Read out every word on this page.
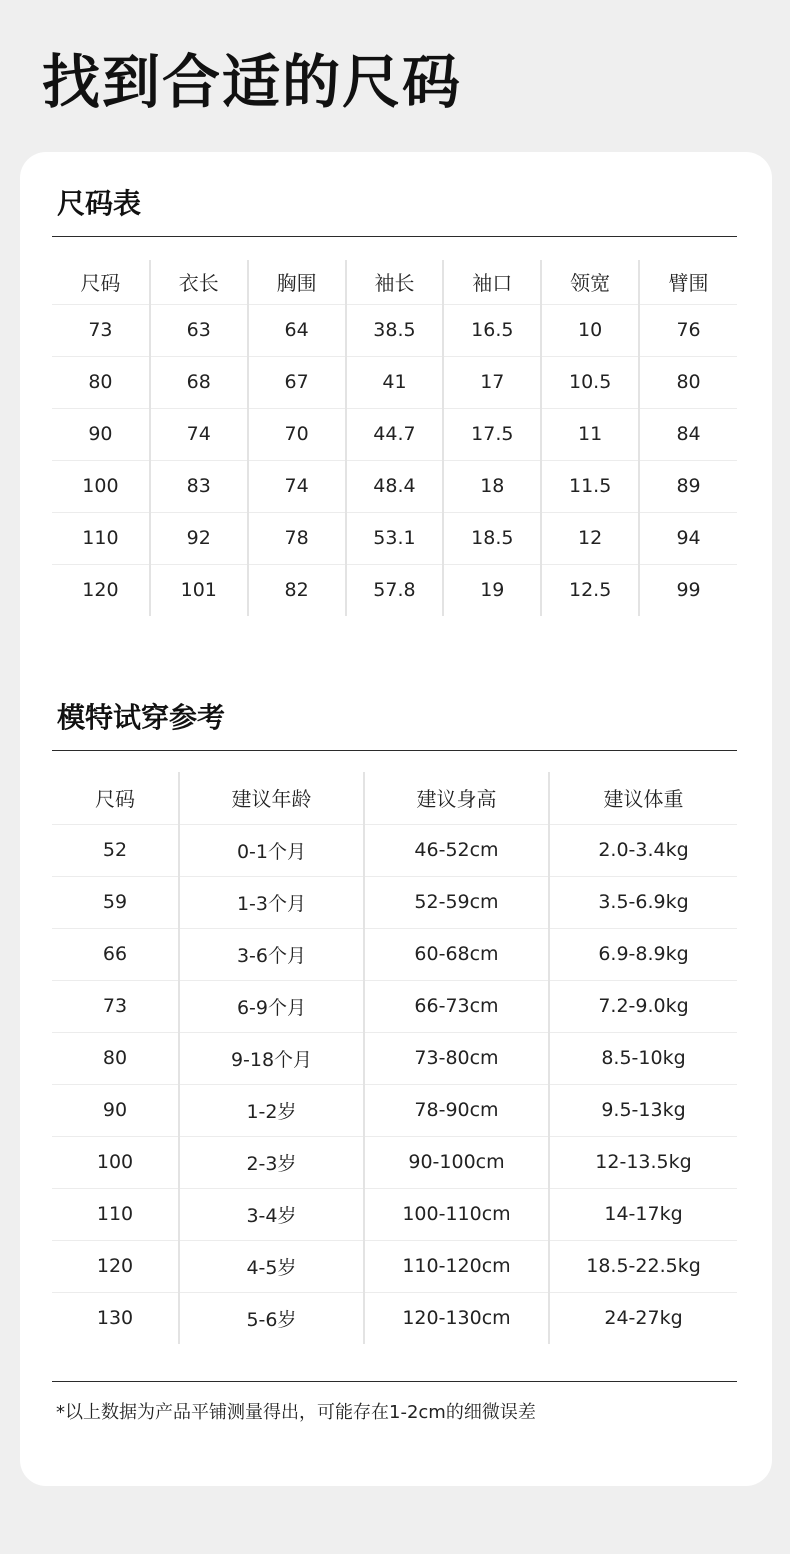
找到合适的尺码
尺码表
尺码	衣长	胸围	袖长	袖口	领宽	臂围
73	63	64	38.5	16.5	10	76
80	68	67	41	17	10.5	80
90	74	70	44.7	17.5	11	84
100	83	74	48.4	18	11.5	89
110	92	78	53.1	18.5	12	94
120	101	82	57.8	19	12.5	99
模特试穿参考
尺码	建议年龄	建议身高	建议体重
52	0-1个月	46-52cm	2.0-3.4kg
59	1-3个月	52-59cm	3.5-6.9kg
66	3-6个月	60-68cm	6.9-8.9kg
73	6-9个月	66-73cm	7.2-9.0kg
80	9-18个月	73-80cm	8.5-10kg
90	1-2岁	78-90cm	9.5-13kg
100	2-3岁	90-100cm	12-13.5kg
110	3-4岁	100-110cm	14-17kg
120	4-5岁	110-120cm	18.5-22.5kg
130	5-6岁	120-130cm	24-27kg
*以上数据为产品平铺测量得出，可能存在1-2cm的细微误差
